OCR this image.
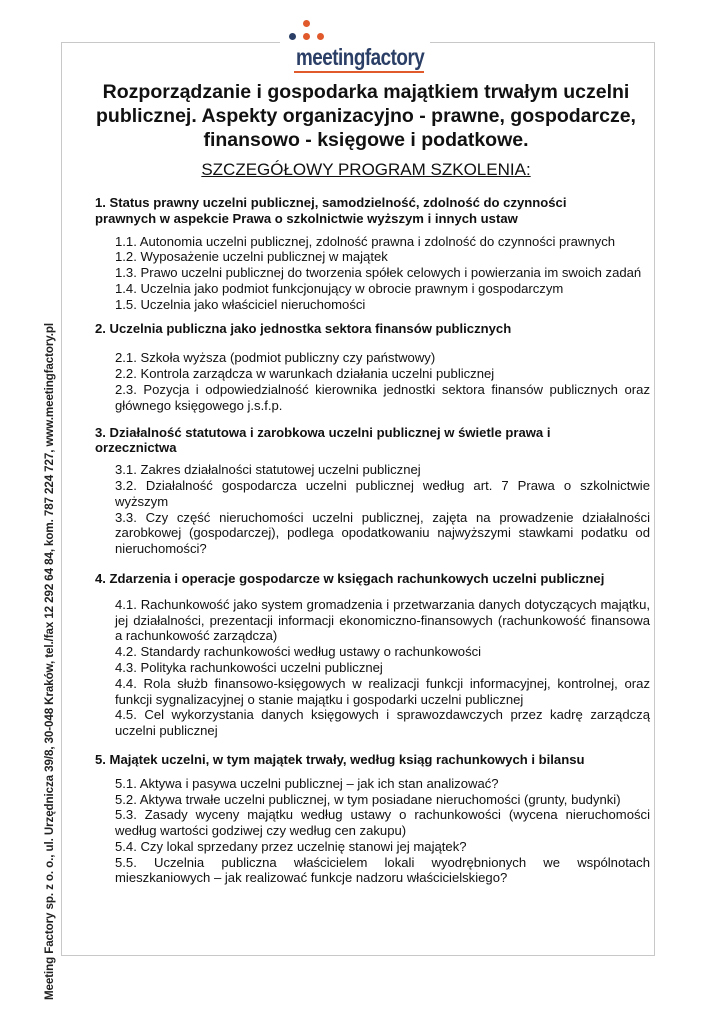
meetingfactory
Meeting Factory sp. z o. o., ul. Urzędnicza 39/8, 30-048 Kraków, tel./fax 12 292 64 84, kom. 787 224 727, www.meetingfactory.pl
Rozporządzanie i gospodarka majątkiem trwałym uczelni publicznej. Aspekty organizacyjno - prawne, gospodarcze, finansowo - księgowe i podatkowe.
SZCZEGÓŁOWY PROGRAM SZKOLENIA:

1. Status prawny uczelni publicznej, samodzielność, zdolność do czynności prawnych w aspekcie Prawa o szkolnictwie wyższym i innych ustaw

1.1. Autonomia uczelni publicznej, zdolność prawna i zdolność do czynności prawnych

1.2. Wyposażenie uczelni publicznej w majątek

1.3. Prawo uczelni publicznej do tworzenia spółek celowych i powierzania im swoich zadań

1.4. Uczelnia jako podmiot funkcjonujący w obrocie prawnym i gospodarczym

1.5. Uczelnia jako właściciel nieruchomości

2. Uczelnia publiczna jako jednostka sektora finansów publicznych

2.1. Szkoła wyższa (podmiot publiczny czy państwowy)

2.2. Kontrola zarządcza w warunkach działania uczelni publicznej

2.3. Pozycja i odpowiedzialność kierownika jednostki sektora finansów publicznych oraz głównego księgowego j.s.f.p.

3. Działalność statutowa i zarobkowa uczelni publicznej w świetle prawa i orzecznictwa

3.1. Zakres działalności statutowej uczelni publicznej

3.2. Działalność gospodarcza uczelni publicznej według art. 7 Prawa o szkolnictwie wyższym

3.3. Czy część nieruchomości uczelni publicznej, zajęta na prowadzenie działalności zarobkowej (gospodarczej), podlega opodatkowaniu najwyższymi stawkami podatku od nieruchomości?

4. Zdarzenia i operacje gospodarcze w księgach rachunkowych uczelni publicznej

4.1. Rachunkowość jako system gromadzenia i przetwarzania danych dotyczących majątku, jej działalności, prezentacji informacji ekonomiczno-finansowych (rachunkowość finansowa a rachunkowość zarządcza)

4.2. Standardy rachunkowości według ustawy o rachunkowości

4.3. Polityka rachunkowości uczelni publicznej

4.4. Rola służb finansowo-księgowych w realizacji funkcji informacyjnej, kontrolnej, oraz funkcji sygnalizacyjnej o stanie majątku i gospodarki uczelni publicznej

4.5. Cel wykorzystania danych księgowych i sprawozdawczych przez kadrę zarządczą uczelni publicznej

5. Majątek uczelni, w tym majątek trwały, według ksiąg rachunkowych i bilansu

5.1. Aktywa i pasywa uczelni publicznej – jak ich stan analizować?

5.2. Aktywa trwałe uczelni publicznej, w tym posiadane nieruchomości (grunty, budynki)

5.3. Zasady wyceny majątku według ustawy o rachunkowości (wycena nieruchomości według wartości godziwej czy według cen zakupu)

5.4. Czy lokal sprzedany przez uczelnię stanowi jej majątek?

5.5. Uczelnia publiczna właścicielem lokali wyodrębnionych we wspólnotach mieszkaniowych – jak realizować funkcje nadzoru właścicielskiego?
